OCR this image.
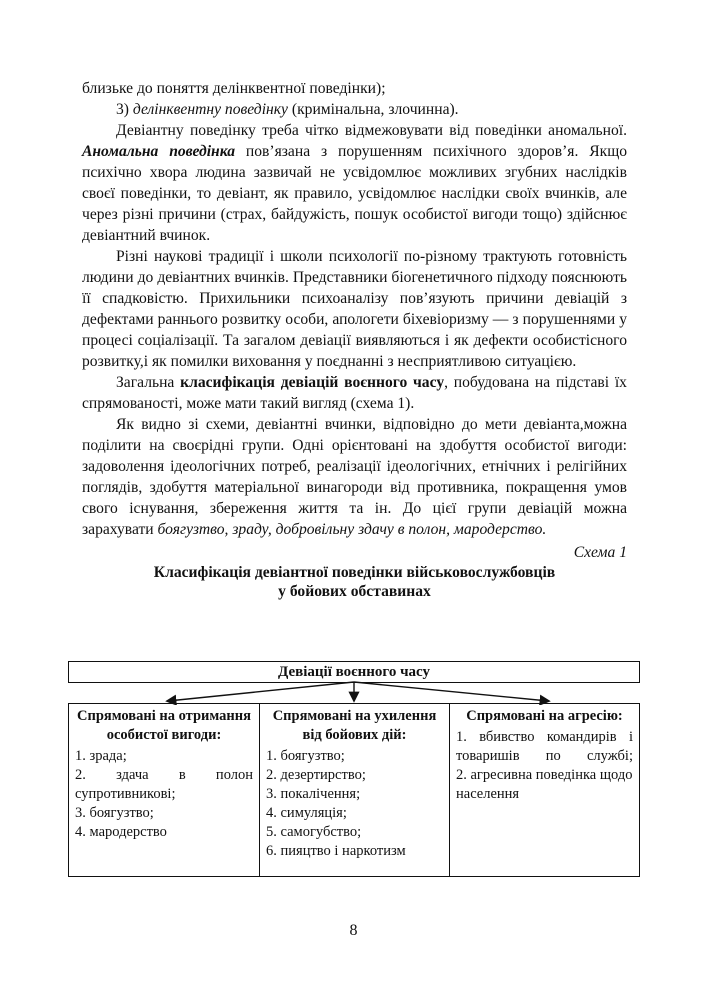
близьке до поняття делінквентної поведінки);

3) делінквентну поведінку (кримінальна, злочинна).

Девіантну поведінку треба чітко відмежовувати від поведінки аномальної. Аномальна поведінка пов’язана з порушенням психічного здоров’я. Якщо психічно хвора людина зазвичай не усвідомлює можливих згубних наслідків своєї поведінки, то девіант, як правило, усвідомлює наслідки своїх вчинків, але через різні причини (страх, байдужість, пошук особистої вигоди тощо) здійснює девіантний вчинок.

Різні наукові традиції і школи психології по-різному трактують готовність людини до девіантних вчинків. Представники біогенетичного підходу пояснюють її спадковістю. Прихильники психоаналізу пов’язують причини девіацій з дефектами раннього розвитку особи, апологети біхевіоризму — з порушеннями у процесі соціалізації. Та загалом девіації виявляються і як дефекти особистісного розвитку,і як помилки виховання у поєднанні з несприятливою ситуацією.

Загальна класифікація девіацій воєнного часу, побудована на підставі їх спрямованості, може мати такий вигляд (схема 1).

Як видно зі схеми, девіантні вчинки, відповідно до мети девіанта,можна поділити на своєрідні групи. Одні орієнтовані на здобуття особистої вигоди: задоволення ідеологічних потреб, реалізації ідеологічних, етнічних і релігійних поглядів, здобуття матеріальної винагороди від противника, покращення умов свого існування, збереження життя та ін. До цієї групи девіацій можна зарахувати боягузтво, зраду, добровільну здачу в полон, мародерство.

Схема 1

Класифікація девіантної поведінки військовослужбовців

у бойових обставинах

Девіації воєнного часу
Спрямовані на отримання особистої вигоди:
1. зрада;
2. здача в полон супротивникові;
3. боягузтво;
4. мародерство
Спрямовані на ухилення від бойових дій:
1. боягузтво;
2. дезертирство;
3. покалічення;
4. симуляція;
5. самогубство;
6. пияцтво і наркотизм
Спрямовані на агресію:
1. вбивство командирів і товаришів по службі;
2. агресивна поведінка щодо населення
8
